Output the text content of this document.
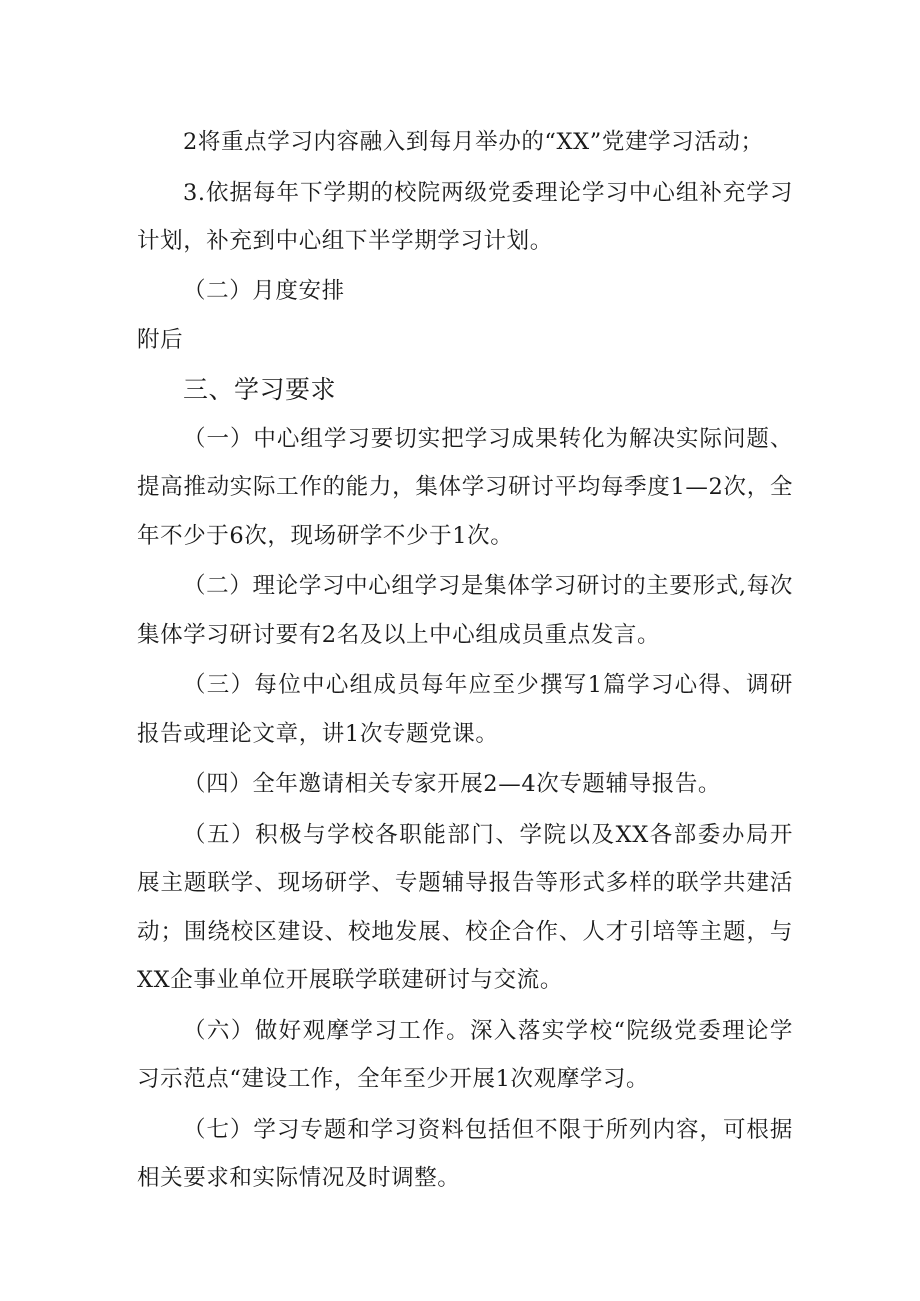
2将重点学习内容融入到每月举办的“XX”党建学习活动；

3.依据每年下学期的校院两级党委理论学习中心组补充学习计划，补充到中心组下半学期学习计划。

（二）月度安排

附后

三、学习要求

（一）中心组学习要切实把学习成果转化为解决实际问题、提高推动实际工作的能力，集体学习研讨平均每季度1—2次，全年不少于6次，现场研学不少于1次。

（二）理论学习中心组学习是集体学习研讨的主要形式,每次集体学习研讨要有2名及以上中心组成员重点发言。

（三）每位中心组成员每年应至少撰写1篇学习心得、调研报告或理论文章，讲1次专题党课。

（四）全年邀请相关专家开展2—4次专题辅导报告。

（五）积极与学校各职能部门、学院以及XX各部委办局开展主题联学、现场研学、专题辅导报告等形式多样的联学共建活动；围绕校区建设、校地发展、校企合作、人才引培等主题，与XX企事业单位开展联学联建研讨与交流。

（六）做好观摩学习工作。深入落实学校“院级党委理论学习示范点“建设工作，全年至少开展1次观摩学习。

（七）学习专题和学习资料包括但不限于所列内容，可根据相关要求和实际情况及时调整。
